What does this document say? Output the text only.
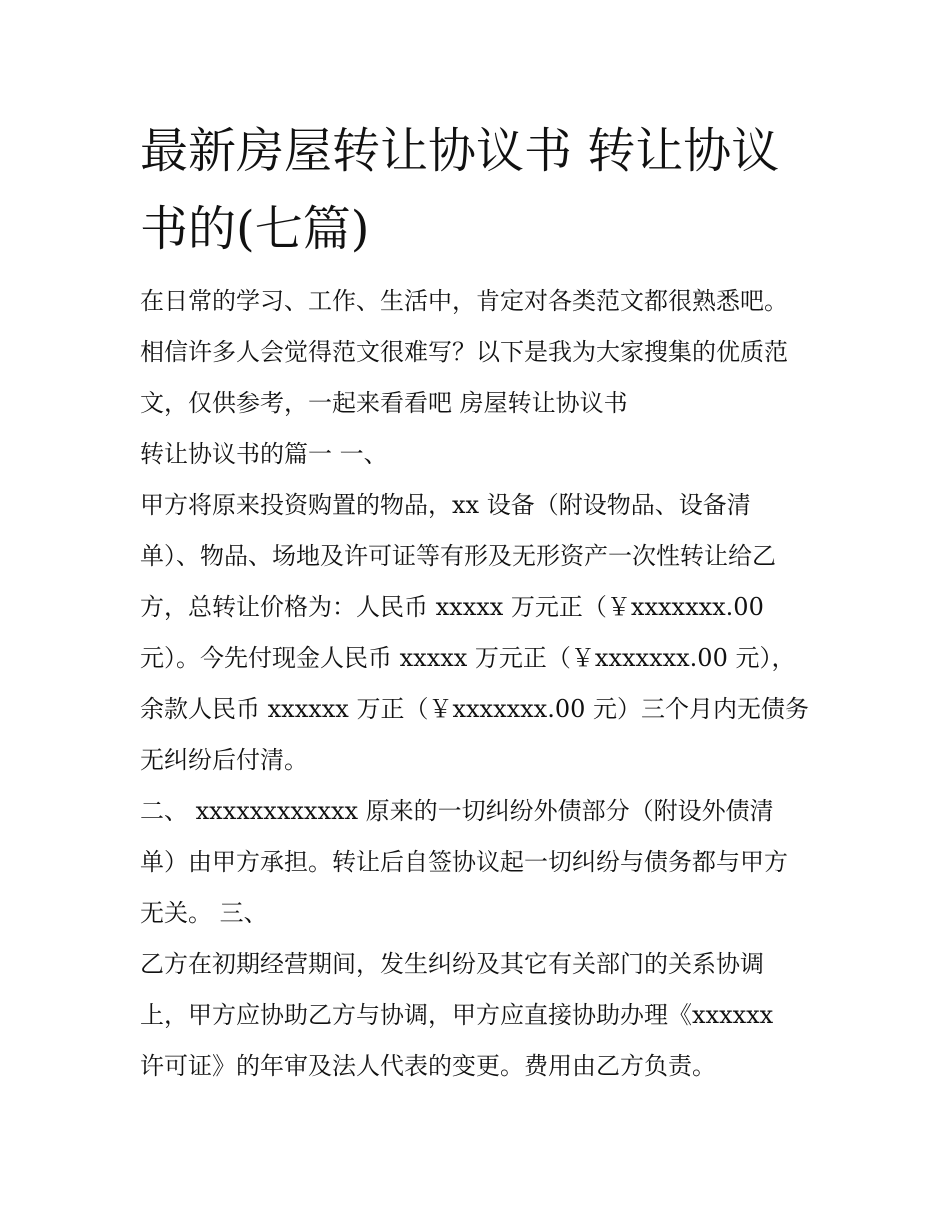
最新房屋转让协议书 转让协议
书的(七篇)

在日常的学习、工作、生活中，肯定对各类范文都很熟悉吧。

相信许多人会觉得范文很难写？以下是我为大家搜集的优质范

文，仅供参考，一起来看看吧 房屋转让协议书

转让协议书的篇一 一、

甲方将原来投资购置的物品，xx 设备（附设物品、设备清

单）、物品、场地及许可证等有形及无形资产一次性转让给乙

方，总转让价格为：人民币 xxxxx 万元正（￥xxxxxxx.00

元）。今先付现金人民币 xxxxx 万元正（￥xxxxxxx.00 元），

余款人民币 xxxxxx 万正（￥xxxxxxx.00 元）三个月内无债务

无纠纷后付清。

二、 xxxxxxxxxxxx 原来的一切纠纷外债部分（附设外债清

单）由甲方承担。转让后自签协议起一切纠纷与债务都与甲方

无关。 三、

乙方在初期经营期间，发生纠纷及其它有关部门的关系协调

上，甲方应协助乙方与协调，甲方应直接协助办理《xxxxxx

许可证》的年审及法人代表的变更。费用由乙方负责。
